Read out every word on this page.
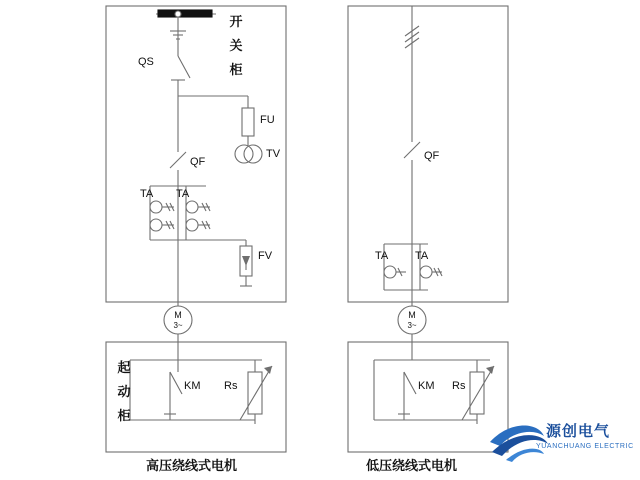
M
3~
M
3~
QS
FU
TV
QF
TA TA
FV
KM Rs
开
关
柜
起
动
柜
QF
TA TA
KM Rs
高压绕线式电机	低压绕线式电机
源创电气
YUANCHUANG ELECTRIC
